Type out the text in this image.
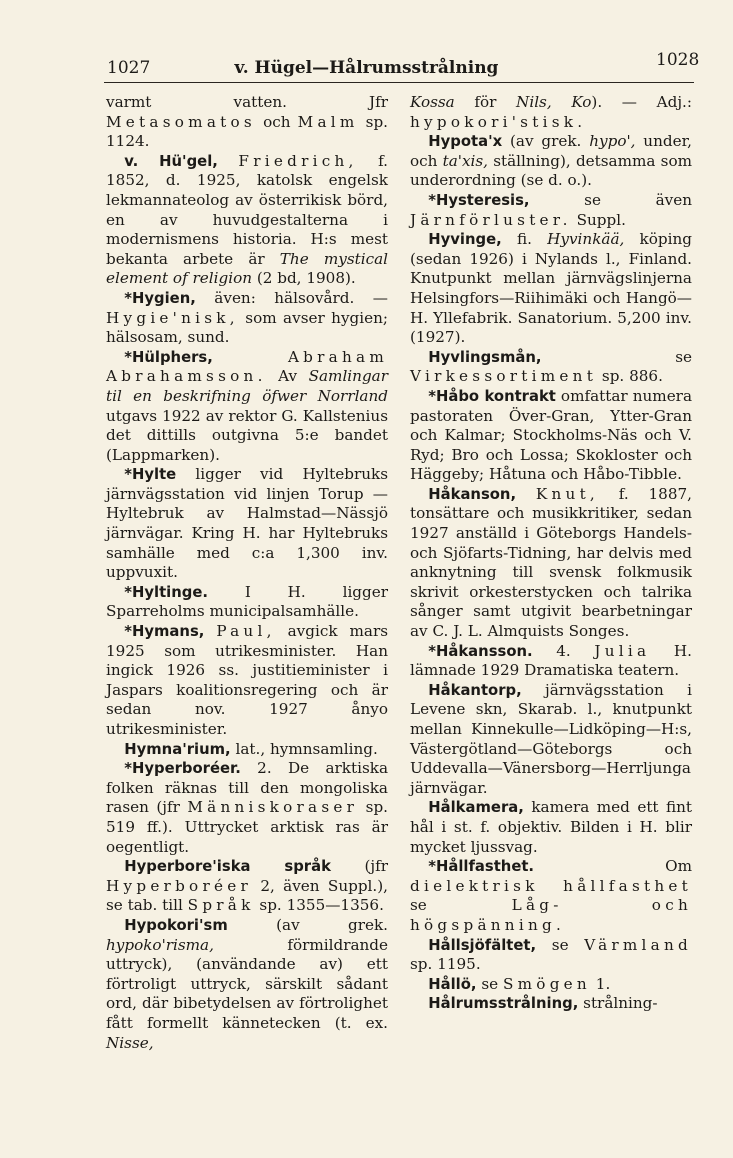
1027	v. Hügel—Hålrumsstrålning	1028

varmt vatten. Jfr Metasomatos och Malm sp. 1124.

v. Hü'gel, Friedrich, f. 1852, d. 1925, katolsk engelsk lekmannateolog av österrikisk börd, en av huvudgestalterna i modernismens historia. H:s mest bekanta arbete är The mystical element of religion (2 bd, 1908).

*Hygien, även: hälsovård. — Hygie'nisk, som avser hygien; hälsosam, sund.

*Hülphers,	Abraham Abrahamsson. Av Samlingar til en beskrifning öfwer Norrland utgavs 1922 av rektor G. Kallstenius det dittills outgivna 5:e bandet (Lappmarken).

*Hylte ligger vid Hyltebruks järnvägsstation vid linjen Torup —Hyltebruk av Halmstad—Nässjö järnvägar. Kring H. har Hyltebruks samhälle med c:a 1,300 inv. uppvuxit.

*Hyltinge. I H. ligger Sparreholms municipalsamhälle.

*Hymans, Paul, avgick mars 1925 som utrikesminister. Han ingick 1926 ss. justitieminister i Jaspars koalitionsregering och är sedan nov. 1927 ånyo utrikesminister.

Hymna'rium, lat., hymnsamling.

*Hyperboréer. 2. De arktiska folken räknas till den mongoliska rasen (jfr Människoraser sp. 519 ff.). Uttrycket arktisk ras är oegentligt.

Hyperbore'iska språk (jfr Hyperboréer 2, även Suppl.), se tab. till Språk sp. 1355—1356.

Hypokori'sm (av grek. hypoko'risma, förmildrande uttryck), (användande av) ett förtroligt uttryck, särskilt sådant ord, där bibetydelsen av förtrolighet fått formellt kännetecken (t. ex. Nisse,

Kossa för Nils, Ko). — Adj.: hypokori'stisk.

Hypota'x (av grek. hypo', under, och ta'xis, ställning), detsamma som underordning (se d. o.).

*Hysteresis, se även Järnförluster. Suppl.

Hyvinge, fi. Hyvinkää, köping (sedan 1926) i Nylands l., Finland. Knutpunkt mellan järnvägslinjerna Helsingfors—Riihimäki och Hangö—H. Yllefabrik. Sanatorium. 5,200 inv. (1927).

Hyvlingsmån, se Virkessortiment sp. 886.

*Håbo kontrakt omfattar numera pastoraten Över-Gran, Ytter-Gran och Kalmar; Stockholms-Näs och V. Ryd; Bro och Lossa; Skokloster och Häggeby; Håtuna och Håbo-Tibble.

Håkanson, Knut, f. 1887, tonsättare och musikkritiker, sedan 1927 anställd i Göteborgs Handels- och Sjöfarts-Tidning, har delvis med anknytning till svensk folkmusik skrivit orkesterstycken och talrika sånger samt utgivit bearbetningar av C. J. L. Almquists Songes.

*Håkansson. 4. Julia H. lämnade 1929 Dramatiska teatern.

Håkantorp, järnvägsstation i Levene skn, Skarab. l., knutpunkt mellan Kinnekulle—Lidköping—H:s, Västergötland—Göteborgs och Uddevalla—Vänersborg—Herrljunga järnvägar.

Hålkamera, kamera med ett fint hål i st. f. objektiv. Bilden i H. blir mycket ljussvag.

*Hållfasthet. Om dielektrisk hållfasthet se Låg- och högspänning.

Hållsjöfältet, se Värmland sp. 1195.

Hållö, se Smögen 1.

Hålrumsstrålning, strålning-
